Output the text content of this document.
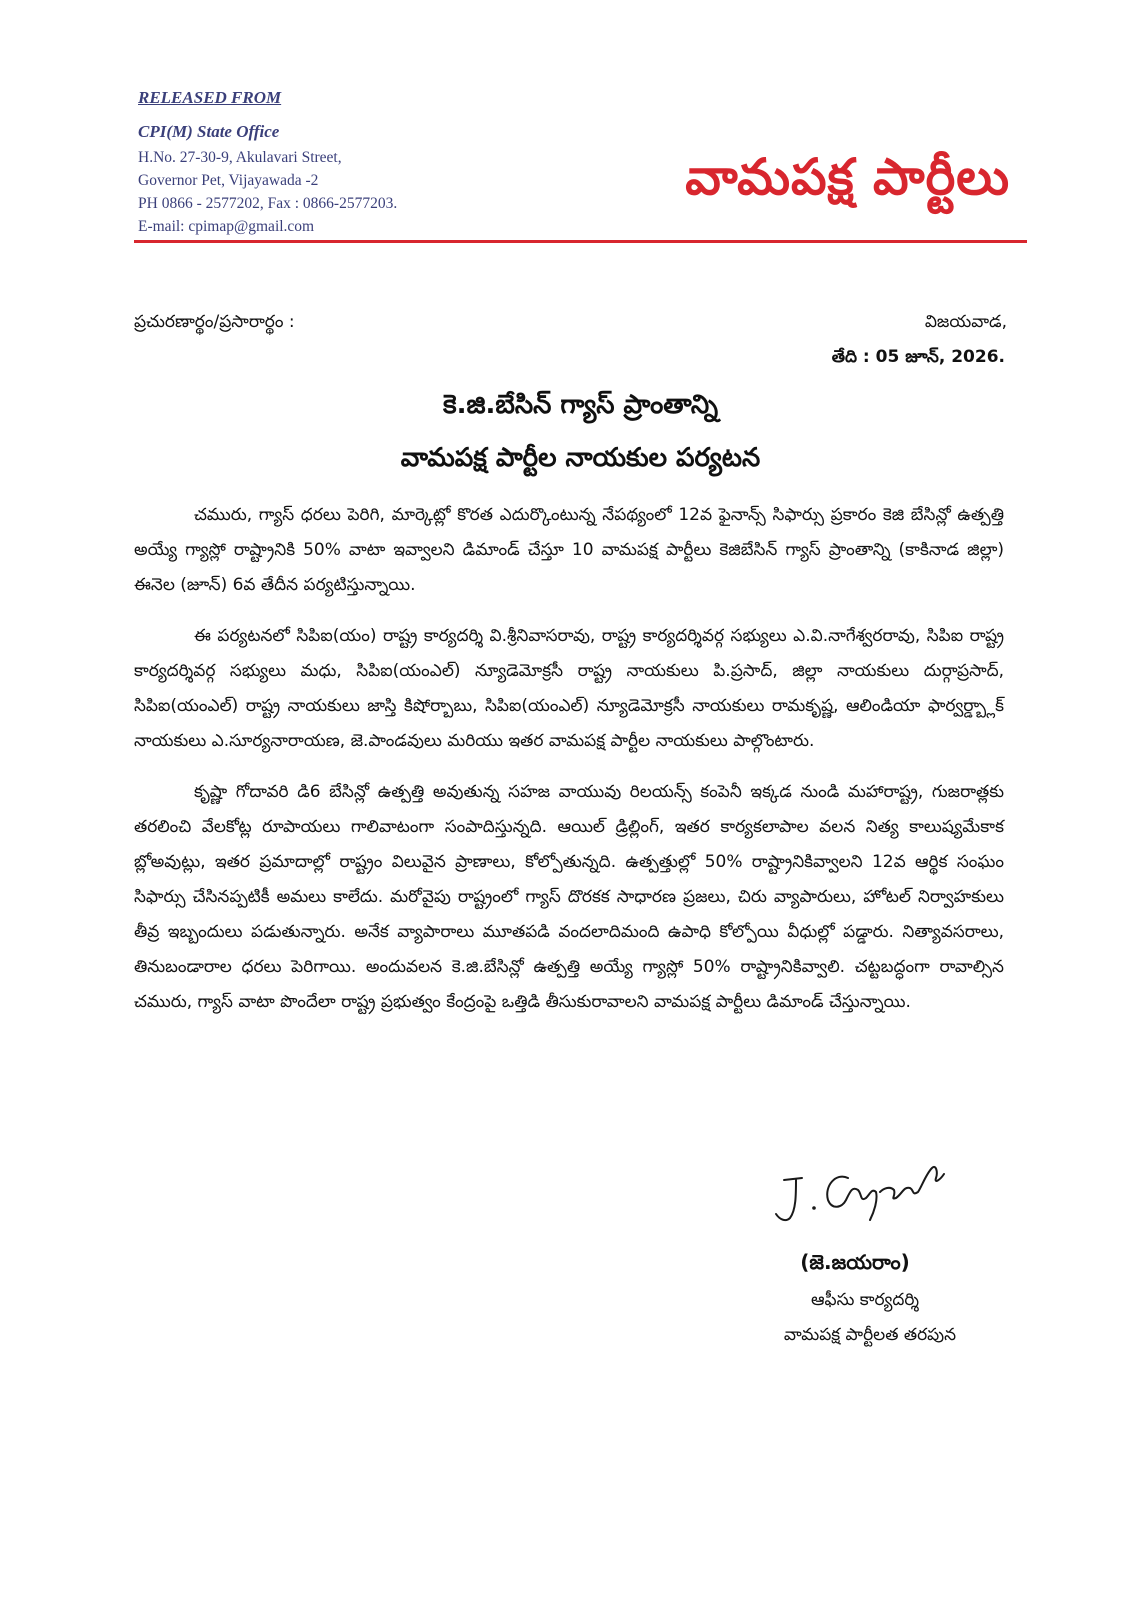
RELEASED FROM

CPI(M) State Office

H.No. 27-30-9, Akulavari Street,

Governor Pet, Vijayawada -2

PH 0866 - 2577202, Fax : 0866-2577203.

E-mail: cpimap@gmail.com

వామపక్ష పార్టీలు
ప్రచురణార్థం/ప్రసారార్థం :	విజయవాడ,
తేది : 05 జూన్, 2026.
కె.జి.బేసిన్ గ్యాస్ ప్రాంతాన్ని
వామపక్ష పార్టీల నాయకుల పర్యటన

చమురు, గ్యాస్ ధరలు పెరిగి, మార్కెట్లో కొరత ఎదుర్కొంటున్న నేపథ్యంలో 12వ ఫైనాన్స్ సిఫార్సు ప్రకారం కెజి బేసిన్లో ఉత్పత్తి అయ్యే గ్యాస్లో రాష్ట్రానికి 50% వాటా ఇవ్వాలని డిమాండ్ చేస్తూ 10 వామపక్ష పార్టీలు కెజిబేసిన్ గ్యాస్ ప్రాంతాన్ని (కాకినాడ జిల్లా) ఈనెల (జూన్) 6వ తేదీన పర్యటిస్తున్నాయి.

ఈ పర్యటనలో సిపిఐ(యం) రాష్ట్ర కార్యదర్శి వి.శ్రీనివాసరావు, రాష్ట్ర కార్యదర్శివర్గ సభ్యులు ఎ.వి.నాగేశ్వరరావు, సిపిఐ రాష్ట్ర కార్యదర్శివర్గ సభ్యులు మధు, సిపిఐ(యంఎల్) న్యూడెమోక్రసీ రాష్ట్ర నాయకులు పి.ప్రసాద్, జిల్లా నాయకులు దుర్గాప్రసాద్, సిపిఐ(యంఎల్) రాష్ట్ర నాయకులు జాస్తి కిషోర్బాబు, సిపిఐ(యంఎల్) న్యూడెమోక్రసీ నాయకులు రామకృష్ణ, ఆలిండియా ఫార్వర్డ్బ్లాక్ నాయకులు ఎ.సూర్యనారాయణ, జె.పాండవులు మరియు ఇతర వామపక్ష పార్టీల నాయకులు పాల్గొంటారు.

కృష్ణా గోదావరి డి6 బేసిన్లో ఉత్పత్తి అవుతున్న సహజ వాయువు రిలయన్స్ కంపెనీ ఇక్కడ నుండి మహారాష్ట్ర, గుజరాత్లకు తరలించి వేలకోట్ల రూపాయలు గాలివాటంగా సంపాదిస్తున్నది. ఆయిల్ డ్రిల్లింగ్, ఇతర కార్యకలాపాల వలన నిత్య కాలుష్యమేకాక బ్లోఅవుట్లు, ఇతర ప్రమాదాల్లో రాష్ట్రం విలువైన ప్రాణాలు, కోల్పోతున్నది. ఉత్పత్తుల్లో 50% రాష్ట్రానికివ్వాలని 12వ ఆర్థిక సంఘం సిఫార్సు చేసినప్పటికీ అమలు కాలేదు. మరోవైపు రాష్ట్రంలో గ్యాస్ దొరకక సాధారణ ప్రజలు, చిరు వ్యాపారులు, హోటల్ నిర్వాహకులు తీవ్ర ఇబ్బందులు పడుతున్నారు. అనేక వ్యాపారాలు మూతపడి వందలాదిమంది ఉపాధి కోల్పోయి వీధుల్లో పడ్డారు. నిత్యావసరాలు, తినుబండారాల ధరలు పెరిగాయి. అందువలన కె.జి.బేసిన్లో ఉత్పత్తి అయ్యే గ్యాస్లో 50% రాష్ట్రానికివ్వాలి. చట్టబద్ధంగా రావాల్సిన చమురు, గ్యాస్ వాటా పొందేలా రాష్ట్ర ప్రభుత్వం కేంద్రంపై ఒత్తిడి తీసుకురావాలని వామపక్ష పార్టీలు డిమాండ్ చేస్తున్నాయి.

(జె.జయరాం)
ఆఫీసు కార్యదర్శి
వామపక్ష పార్టీలత తరపున
